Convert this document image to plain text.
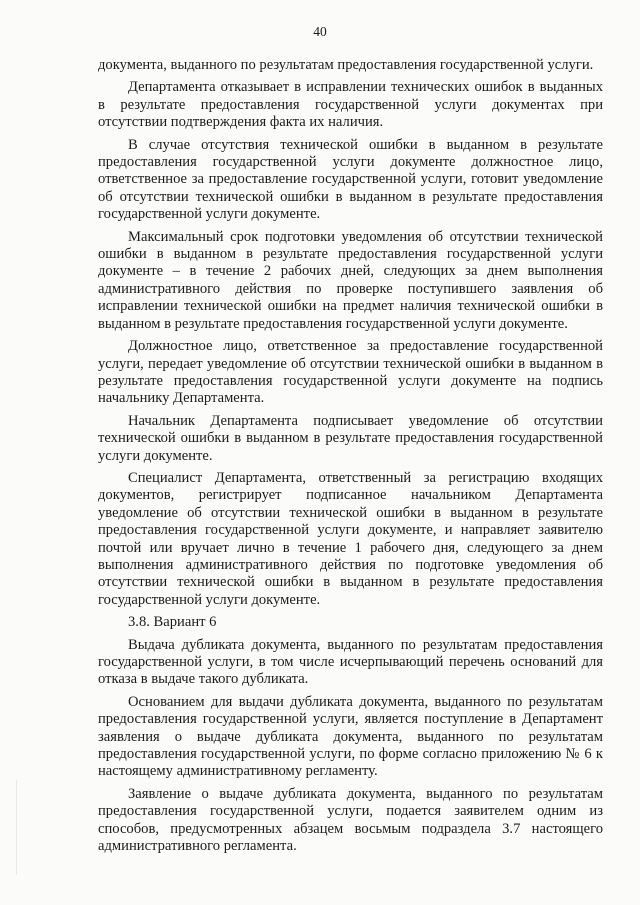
40

документа, выданного по результатам предоставления государственной услуги.

Департамента отказывает в исправлении технических ошибок в выданных в результате предоставления государственной услуги документах при отсутствии подтверждения факта их наличия.

В случае отсутствия технической ошибки в выданном в результате предоставления государственной услуги документе должностное лицо, ответственное за предоставление государственной услуги, готовит уведомление об отсутствии технической ошибки в выданном в результате предоставления государственной услуги документе.

Максимальный срок подготовки уведомления об отсутствии технической ошибки в выданном в результате предоставления государственной услуги документе – в течение 2 рабочих дней, следующих за днем выполнения административного действия по проверке поступившего заявления об исправлении технической ошибки на предмет наличия технической ошибки в выданном в результате предоставления государственной услуги документе.

Должностное лицо, ответственное за предоставление государственной услуги, передает уведомление об отсутствии технической ошибки в выданном в результате предоставления государственной услуги документе на подпись начальнику Департамента.

Начальник Департамента подписывает уведомление об отсутствии технической ошибки в выданном в результате предоставления государственной услуги документе.

Специалист Департамента, ответственный за регистрацию входящих документов, регистрирует подписанное начальником Департамента уведомление об отсутствии технической ошибки в выданном в результате предоставления государственной услуги документе, и направляет заявителю почтой или вручает лично в течение 1 рабочего дня, следующего за днем выполнения административного действия по подготовке уведомления об отсутствии технической ошибки в выданном в результате предоставления государственной услуги документе.

3.8. Вариант 6

Выдача дубликата документа, выданного по результатам предоставления государственной услуги, в том числе исчерпывающий перечень оснований для отказа в выдаче такого дубликата.

Основанием для выдачи дубликата документа, выданного по результатам предоставления государственной услуги, является поступление в Департамент заявления о выдаче дубликата документа, выданного по результатам предоставления государственной услуги, по форме согласно приложению № 6 к настоящему административному регламенту.

Заявление о выдаче дубликата документа, выданного по результатам предоставления государственной услуги, подается заявителем одним из способов, предусмотренных абзацем восьмым подраздела 3.7 настоящего административного регламента.
